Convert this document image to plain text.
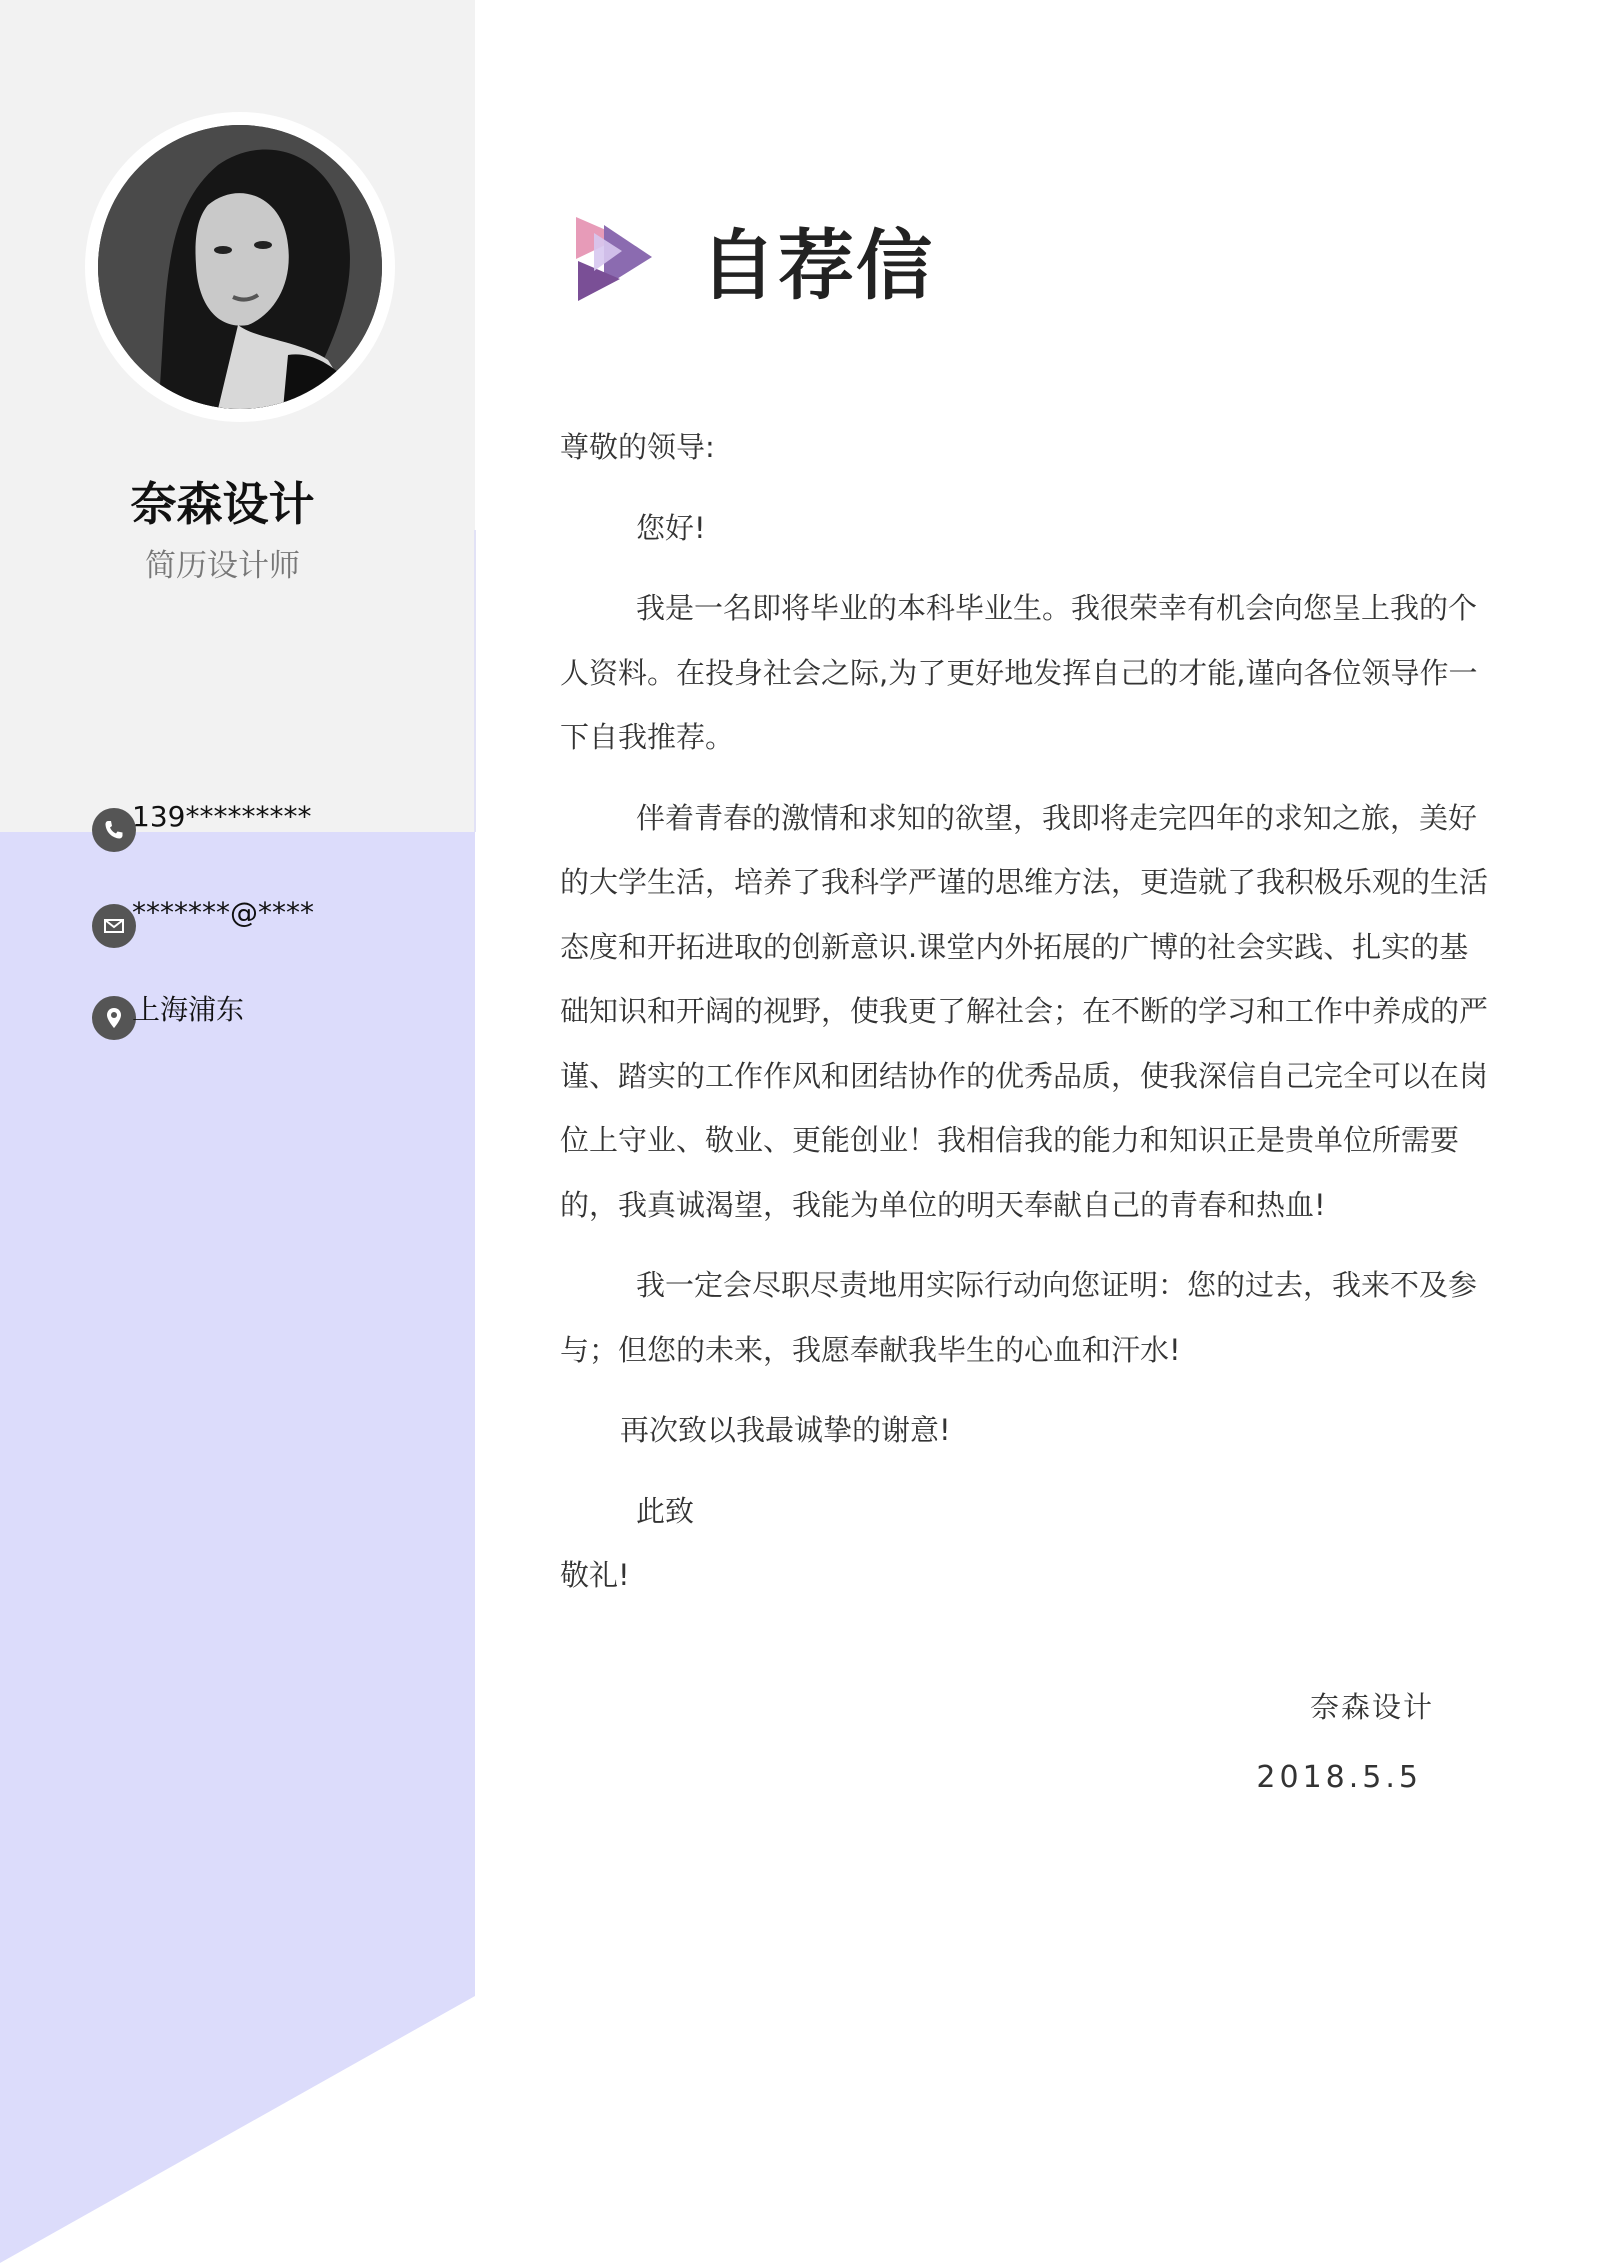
奈森设计
简历设计师
139*********
*******@****
上海浦东
自荐信

尊敬的领导:

您好!

我是一名即将毕业的本科毕业生。我很荣幸有机会向您呈上我的个人资料。在投身社会之际,为了更好地发挥自己的才能,谨向各位领导作一下自我推荐。

伴着青春的激情和求知的欲望，我即将走完四年的求知之旅，美好的大学生活，培养了我科学严谨的思维方法，更造就了我积极乐观的生活态度和开拓进取的创新意识.课堂内外拓展的广博的社会实践、扎实的基础知识和开阔的视野，使我更了解社会；在不断的学习和工作中养成的严谨、踏实的工作作风和团结协作的优秀品质，使我深信自己完全可以在岗位上守业、敬业、更能创业！我相信我的能力和知识正是贵单位所需要的，我真诚渴望，我能为单位的明天奉献自己的青春和热血!

我一定会尽职尽责地用实际行动向您证明：您的过去，我来不及参与；但您的未来，我愿奉献我毕生的心血和汗水!

再次致以我最诚挚的谢意!

此致

敬礼!

奈森设计
2018.5.5
